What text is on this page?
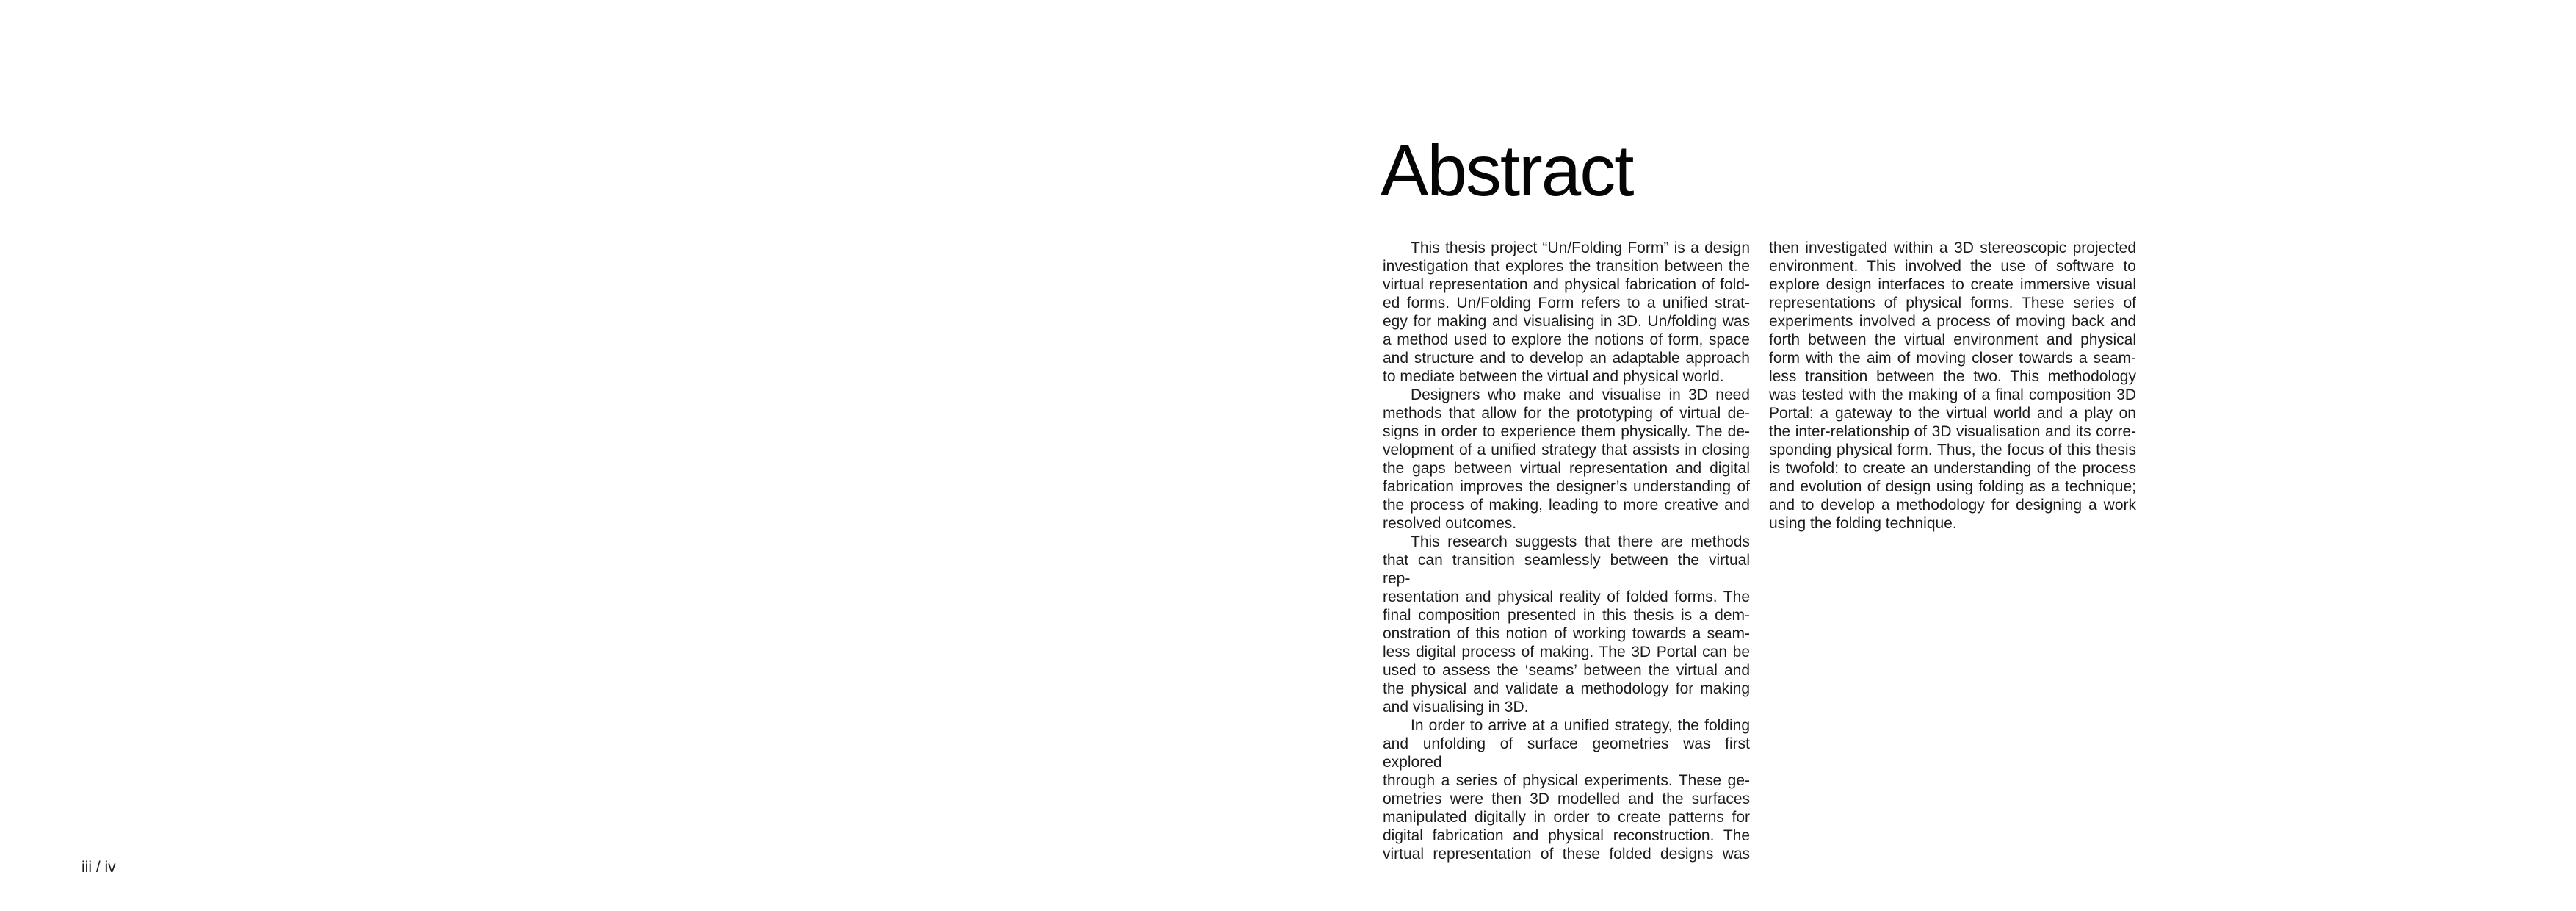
Abstract
This thesis project “Un/Folding Form” is a design
investigation that explores the transition between the
virtual representation and physical fabrication of fold-
ed forms. Un/Folding Form refers to a unified strat-
egy for making and visualising in 3D. Un/folding was
a method used to explore the notions of form, space
and structure and to develop an adaptable approach
to mediate between the virtual and physical world.
Designers who make and visualise in 3D need
methods that allow for the prototyping of virtual de-
signs in order to experience them physically. The de-
velopment of a unified strategy that assists in closing
the gaps between virtual representation and digital
fabrication improves the designer’s understanding of
the process of making, leading to more creative and
resolved outcomes.
This research suggests that there are methods
that can transition seamlessly between the virtual rep-
resentation and physical reality of folded forms. The
final composition presented in this thesis is a dem-
onstration of this notion of working towards a seam-
less digital process of making. The 3D Portal can be
used to assess the ‘seams’ between the virtual and
the physical and validate a methodology for making
and visualising in 3D.
In order to arrive at a unified strategy, the folding
and unfolding of surface geometries was first explored
through a series of physical experiments. These ge-
ometries were then 3D modelled and the surfaces
manipulated digitally in order to create patterns for
digital fabrication and physical reconstruction. The
virtual representation of these folded designs was
then investigated within a 3D stereoscopic projected
environment. This involved the use of software to
explore design interfaces to create immersive visual
representations of physical forms. These series of
experiments involved a process of moving back and
forth between the virtual environment and physical
form with the aim of moving closer towards a seam-
less transition between the two. This methodology
was tested with the making of a final composition 3D
Portal: a gateway to the virtual world and a play on
the inter-relationship of 3D visualisation and its corre-
sponding physical form. Thus, the focus of this thesis
is twofold: to create an understanding of the process
and evolution of design using folding as a technique;
and to develop a methodology for designing a work
using the folding technique.
iii / iv
